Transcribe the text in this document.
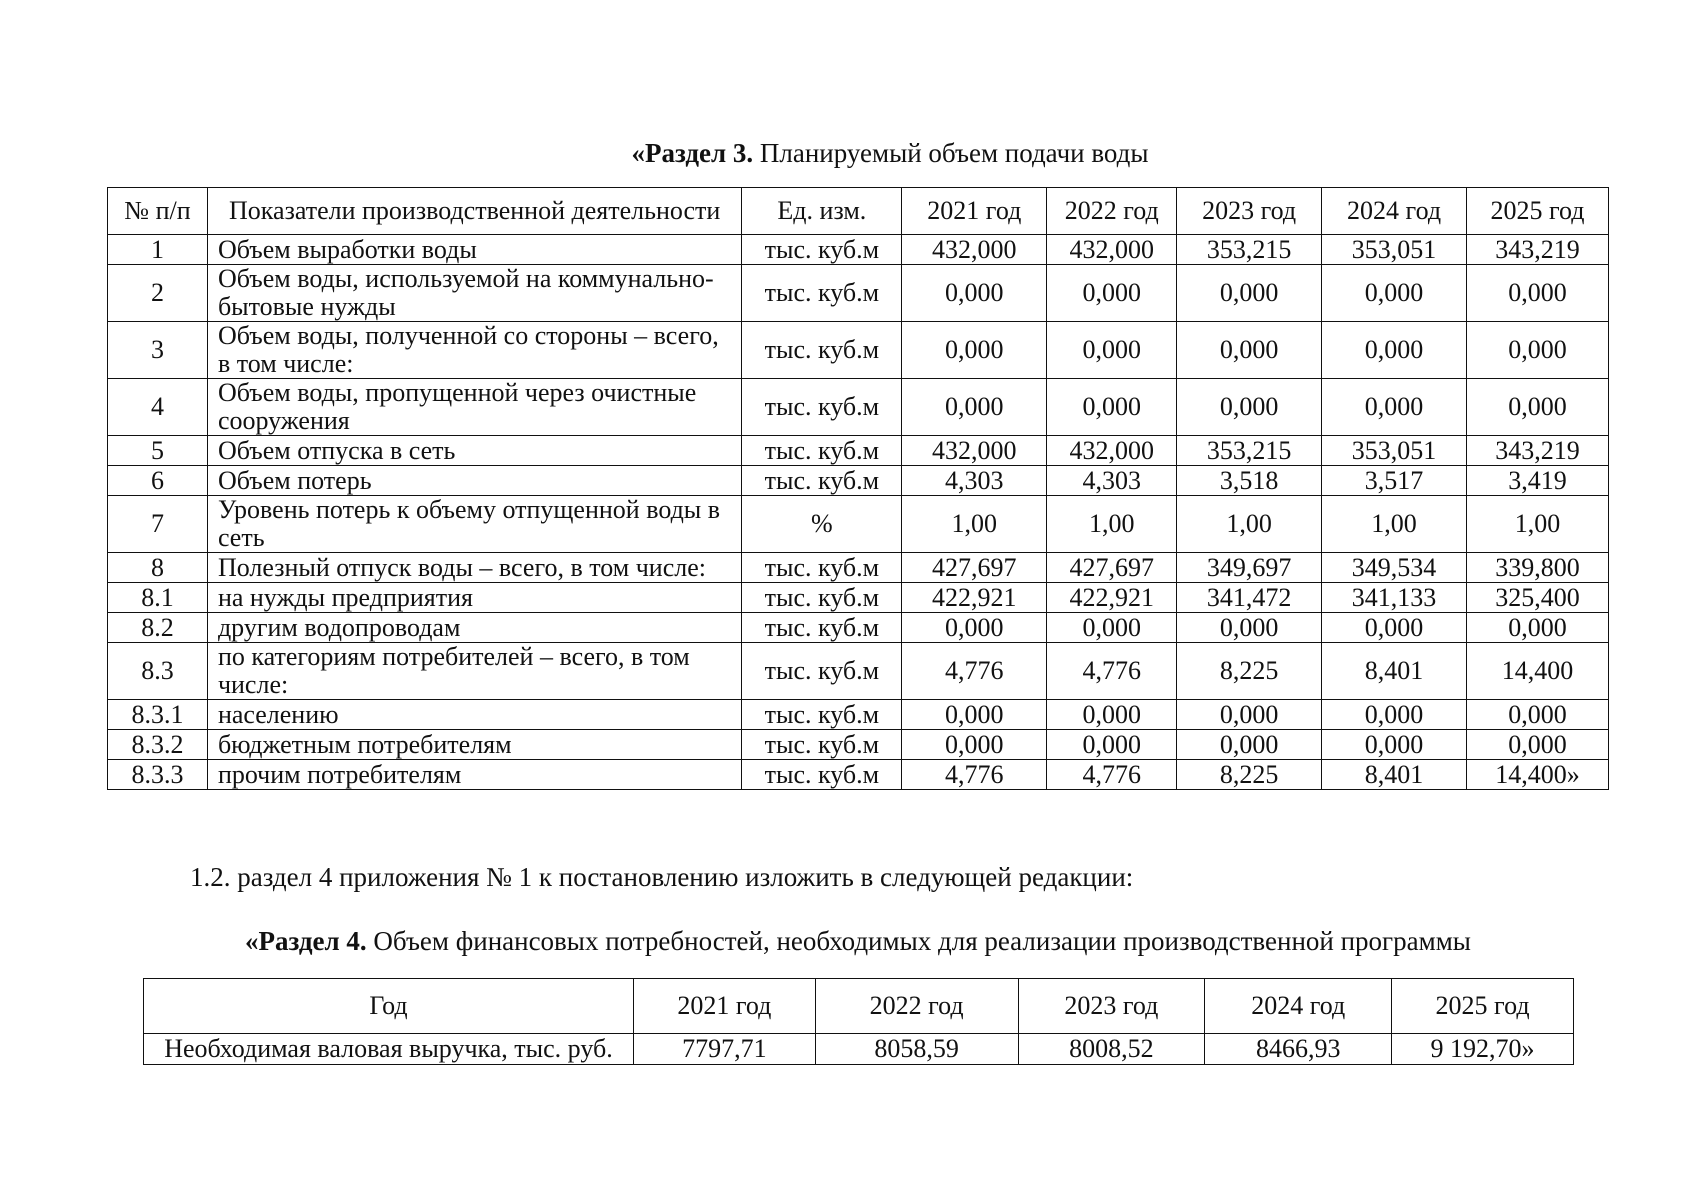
«Раздел 3. Планируемый объем подачи воды
№ п/п	Показатели производственной деятельности	Ед. изм.	2021 год	2022 год	2023 год	2024 год	2025 год
1	Объем выработки воды	тыс. куб.м	432,000	432,000	353,215	353,051	343,219
2	Объем воды, используемой на коммунально-бытовые нужды	тыс. куб.м	0,000	0,000	0,000	0,000	0,000
3	Объем воды, полученной со стороны – всего, в том числе:	тыс. куб.м	0,000	0,000	0,000	0,000	0,000
4	Объем воды, пропущенной через очистные сооружения	тыс. куб.м	0,000	0,000	0,000	0,000	0,000
5	Объем отпуска в сеть	тыс. куб.м	432,000	432,000	353,215	353,051	343,219
6	Объем потерь	тыс. куб.м	4,303	4,303	3,518	3,517	3,419
7	Уровень потерь к объему отпущенной воды в сеть	%	1,00	1,00	1,00	1,00	1,00
8	Полезный отпуск воды – всего, в том числе:	тыс. куб.м	427,697	427,697	349,697	349,534	339,800
8.1	на нужды предприятия	тыс. куб.м	422,921	422,921	341,472	341,133	325,400
8.2	другим водопроводам	тыс. куб.м	0,000	0,000	0,000	0,000	0,000
8.3	по категориям потребителей – всего, в том числе:	тыс. куб.м	4,776	4,776	8,225	8,401	14,400
8.3.1	населению	тыс. куб.м	0,000	0,000	0,000	0,000	0,000
8.3.2	бюджетным потребителям	тыс. куб.м	0,000	0,000	0,000	0,000	0,000
8.3.3	прочим потребителям	тыс. куб.м	4,776	4,776	8,225	8,401	14,400»
1.2. раздел 4 приложения № 1 к постановлению изложить в следующей редакции:
«Раздел 4. Объем финансовых потребностей, необходимых для реализации производственной программы
Год	2021 год	2022 год	2023 год	2024 год	2025 год
Необходимая валовая выручка, тыс. руб.	7797,71	8058,59	8008,52	8466,93	9 192,70»
